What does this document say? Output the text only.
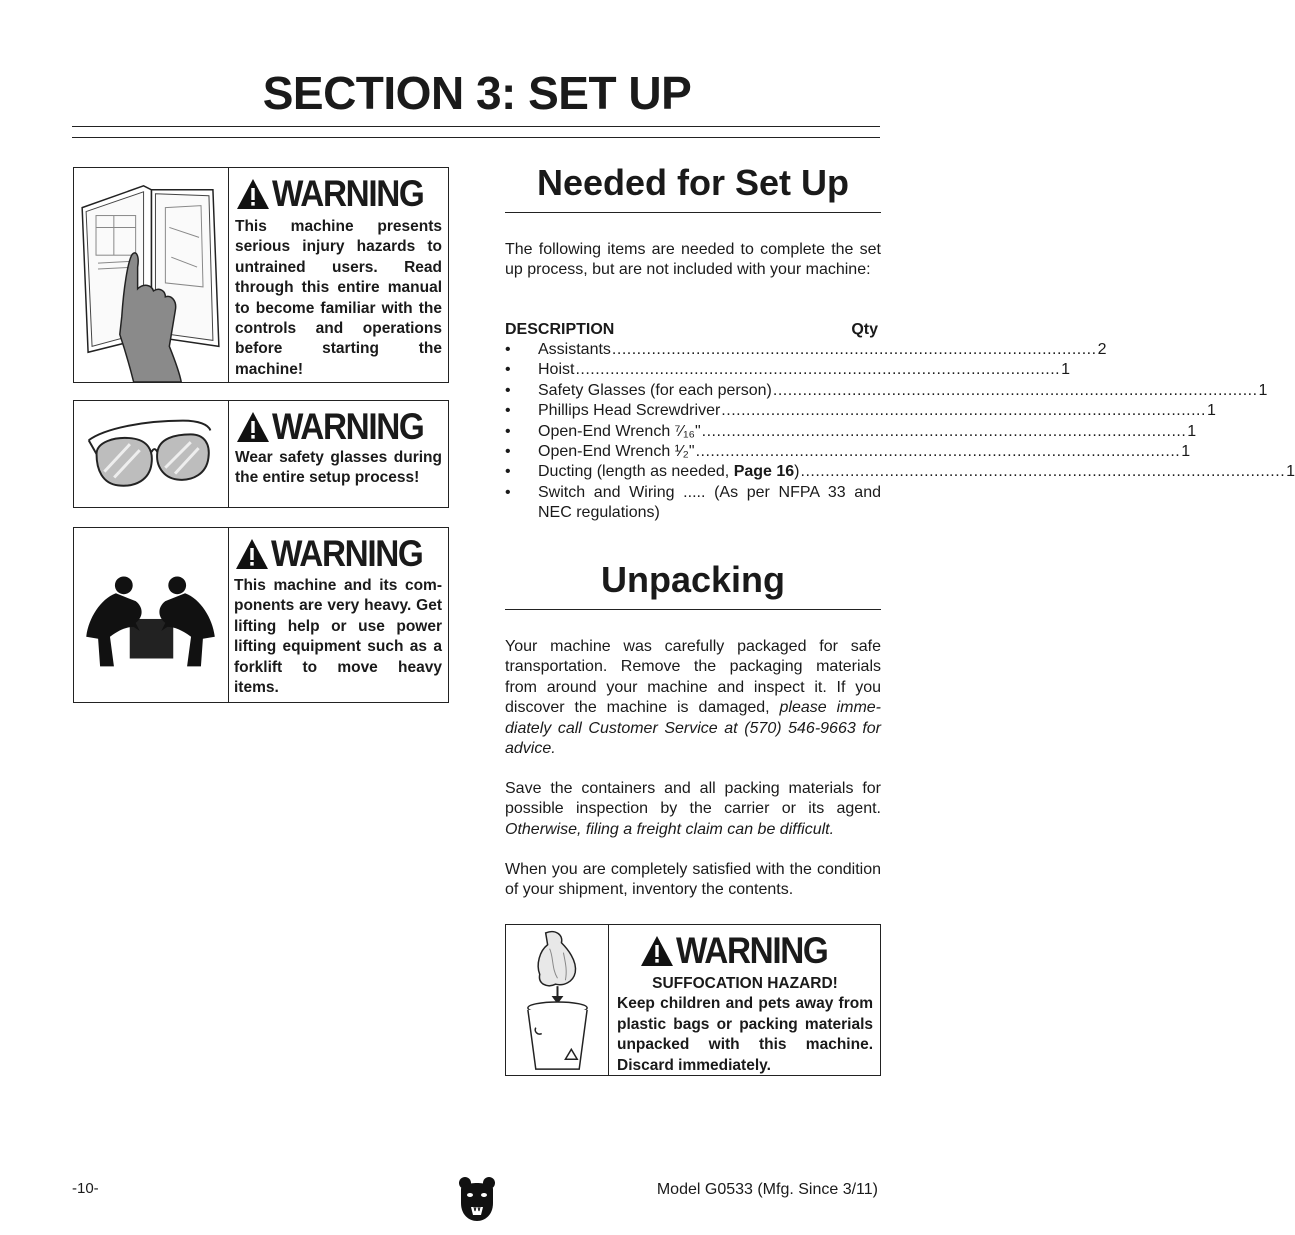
SECTION 3: SET UP
WARNING
This machine presents serious injury hazards to untrained users. Read through this entire manual to become familiar with the controls and operations before starting the machine!
WARNING
Wear safety glasses during the entire setup process!
WARNING
This machine and its components are very heavy. Get lifting help or use power lifting equipment such as a forklift to move heavy items.
Needed for Set Up
The following items are needed to complete the set up process, but are not included with your machine:
DESCRIPTION	Qty
• Assistants .................................................................................................. 2
• Hoist .................................................................................................. 1
• Safety Glasses (for each person) .................................................................................................. 1
• Phillips Head Screwdriver .................................................................................................. 1
• Open-End Wrench ⁷⁄₁₆" .................................................................................................. 1
• Open-End Wrench ¹⁄₂" .................................................................................................. 1
• Ducting (length as needed, Page 16) .................................................................................................. 1
• Switch and Wiring ..... (As per NFPA 33 and NEC regulations)
Unpacking
Your machine was carefully packaged for safe transportation. Remove the packaging materials from around your machine and inspect it. If you discover the machine is damaged, please immediately call Customer Service at (570) 546-9663 for advice.
Save the containers and all packing materials for possible inspection by the carrier or its agent. Otherwise, filing a freight claim can be difficult.
When you are completely satisfied with the condition of your shipment, inventory the contents.
WARNING
SUFFOCATION HAZARD!
Keep children and pets away from plastic bags or packing materials unpacked with this machine. Discard immediately.
-10-	Model G0533 (Mfg. Since 3/11)
